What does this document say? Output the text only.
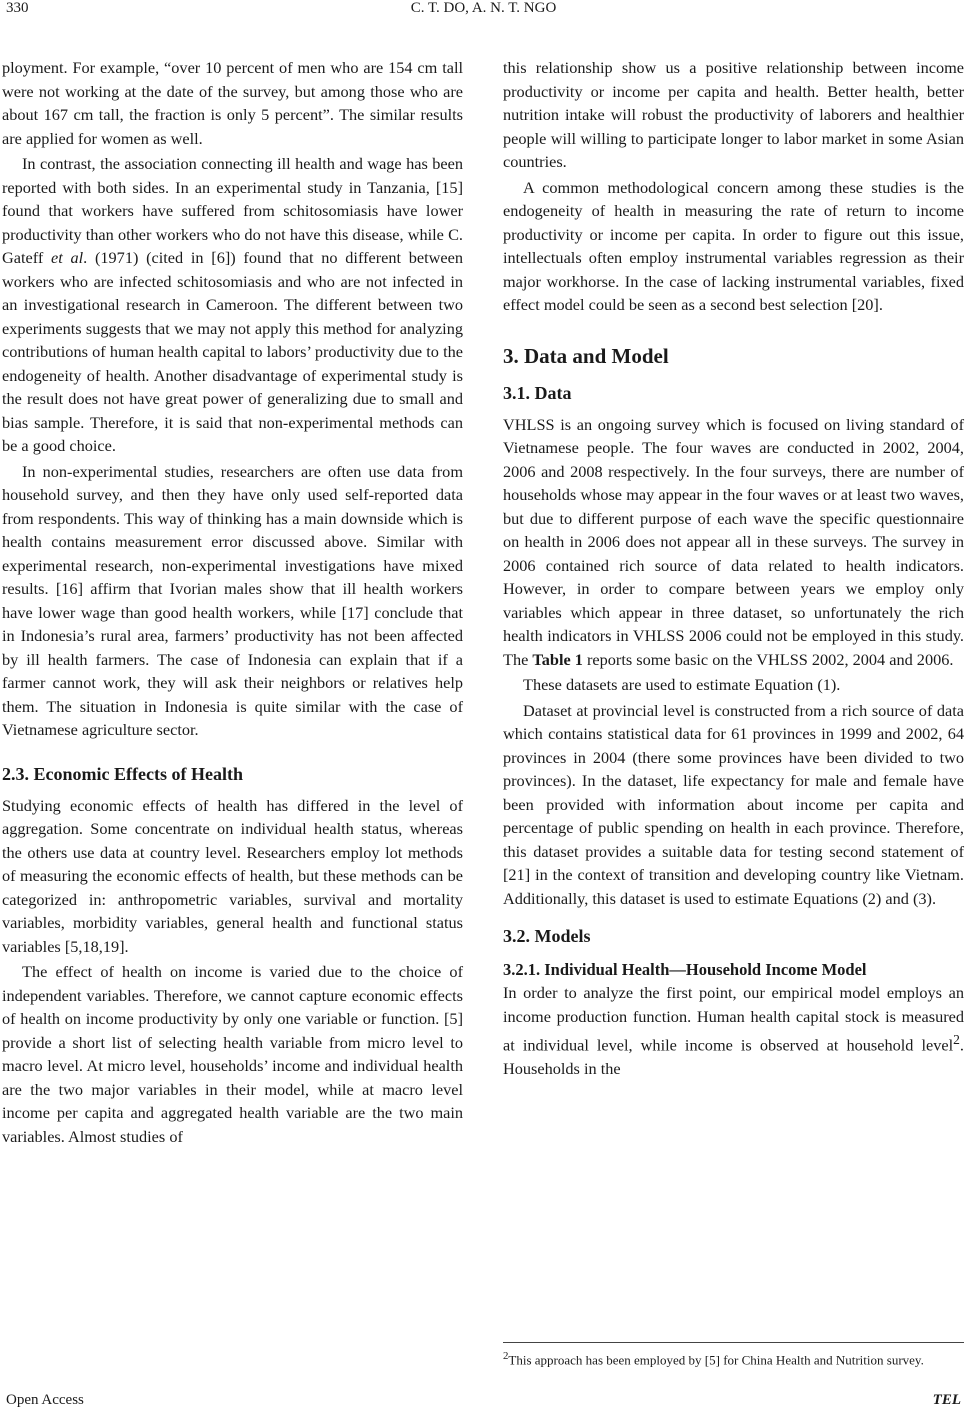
330	C. T. DO, A. N. T. NGO

ployment. For example, “over 10 percent of men who are 154 cm tall were not working at the date of the survey, but among those who are about 167 cm tall, the fraction is only 5 percent”. The similar results are applied for women as well.

In contrast, the association connecting ill health and wage has been reported with both sides. In an experimental study in Tanzania, [15] found that workers have suffered from schitosomiasis have lower productivity than other workers who do not have this disease, while C. Gateff et al. (1971) (cited in [6]) found that no different between workers who are infected schitosomiasis and who are not infected in an investigational research in Cameroon. The different between two experiments suggests that we may not apply this method for analyzing contributions of human health capital to labors’ productivity due to the endogeneity of health. Another disadvantage of experimental study is the result does not have great power of generalizing due to small and bias sample. Therefore, it is said that non-experimental methods can be a good choice.

In non-experimental studies, researchers are often use data from household survey, and then they have only used self-reported data from respondents. This way of thinking has a main downside which is health contains measurement error discussed above. Similar with experimental research, non-experimental investigations have mixed results. [16] affirm that Ivorian males show that ill health workers have lower wage than good health workers, while [17] conclude that in Indonesia’s rural area, farmers’ productivity has not been affected by ill health farmers. The case of Indonesia can explain that if a farmer cannot work, they will ask their neighbors or relatives help them. The situation in Indonesia is quite similar with the case of Vietnamese agriculture sector.

2.3. Economic Effects of Health

Studying economic effects of health has differed in the level of aggregation. Some concentrate on individual health status, whereas the others use data at country level. Researchers employ lot methods of measuring the economic effects of health, but these methods can be categorized in: anthropometric variables, survival and mortality variables, morbidity variables, general health and functional status variables [5,18,19].

The effect of health on income is varied due to the choice of independent variables. Therefore, we cannot capture economic effects of health on income productivity by only one variable or function. [5] provide a short list of selecting health variable from micro level to macro level. At micro level, households’ income and individual health are the two major variables in their model, while at macro level income per capita and aggregated health variable are the two main variables. Almost studies of

this relationship show us a positive relationship between income productivity or income per capita and health. Better health, better nutrition intake will robust the productivity of laborers and healthier people will willing to participate longer to labor market in some Asian countries.

A common methodological concern among these studies is the endogeneity of health in measuring the rate of return to income productivity or income per capita. In order to figure out this issue, intellectuals often employ instrumental variables regression as their major workhorse. In the case of lacking instrumental variables, fixed effect model could be seen as a second best selection [20].

3. Data and Model
3.1. Data

VHLSS is an ongoing survey which is focused on living standard of Vietnamese people. The four waves are conducted in 2002, 2004, 2006 and 2008 respectively. In the four surveys, there are number of households whose may appear in the four waves or at least two waves, but due to different purpose of each wave the specific questionnaire on health in 2006 does not appear all in these surveys. The survey in 2006 contained rich source of data related to health indicators. However, in order to compare between years we employ only variables which appear in three dataset, so unfortunately the rich health indicators in VHLSS 2006 could not be employed in this study. The Table 1 reports some basic on the VHLSS 2002, 2004 and 2006.

These datasets are used to estimate Equation (1).

Dataset at provincial level is constructed from a rich source of data which contains statistical data for 61 provinces in 1999 and 2002, 64 provinces in 2004 (there some provinces have been divided to two provinces). In the dataset, life expectancy for male and female have been provided with information about income per capita and percentage of public spending on health in each province. Therefore, this dataset provides a suitable data for testing second statement of [21] in the context of transition and developing country like Vietnam. Additionally, this dataset is used to estimate Equations (2) and (3).

3.2. Models
3.2.1. Individual Health—Household Income Model

In order to analyze the first point, our empirical model employs an income production function. Human health capital stock is measured at individual level, while income is observed at household level$^2$. Households in the

$^2$This approach has been employed by [5] for China Health and Nutrition survey.
Open Access	TEL
